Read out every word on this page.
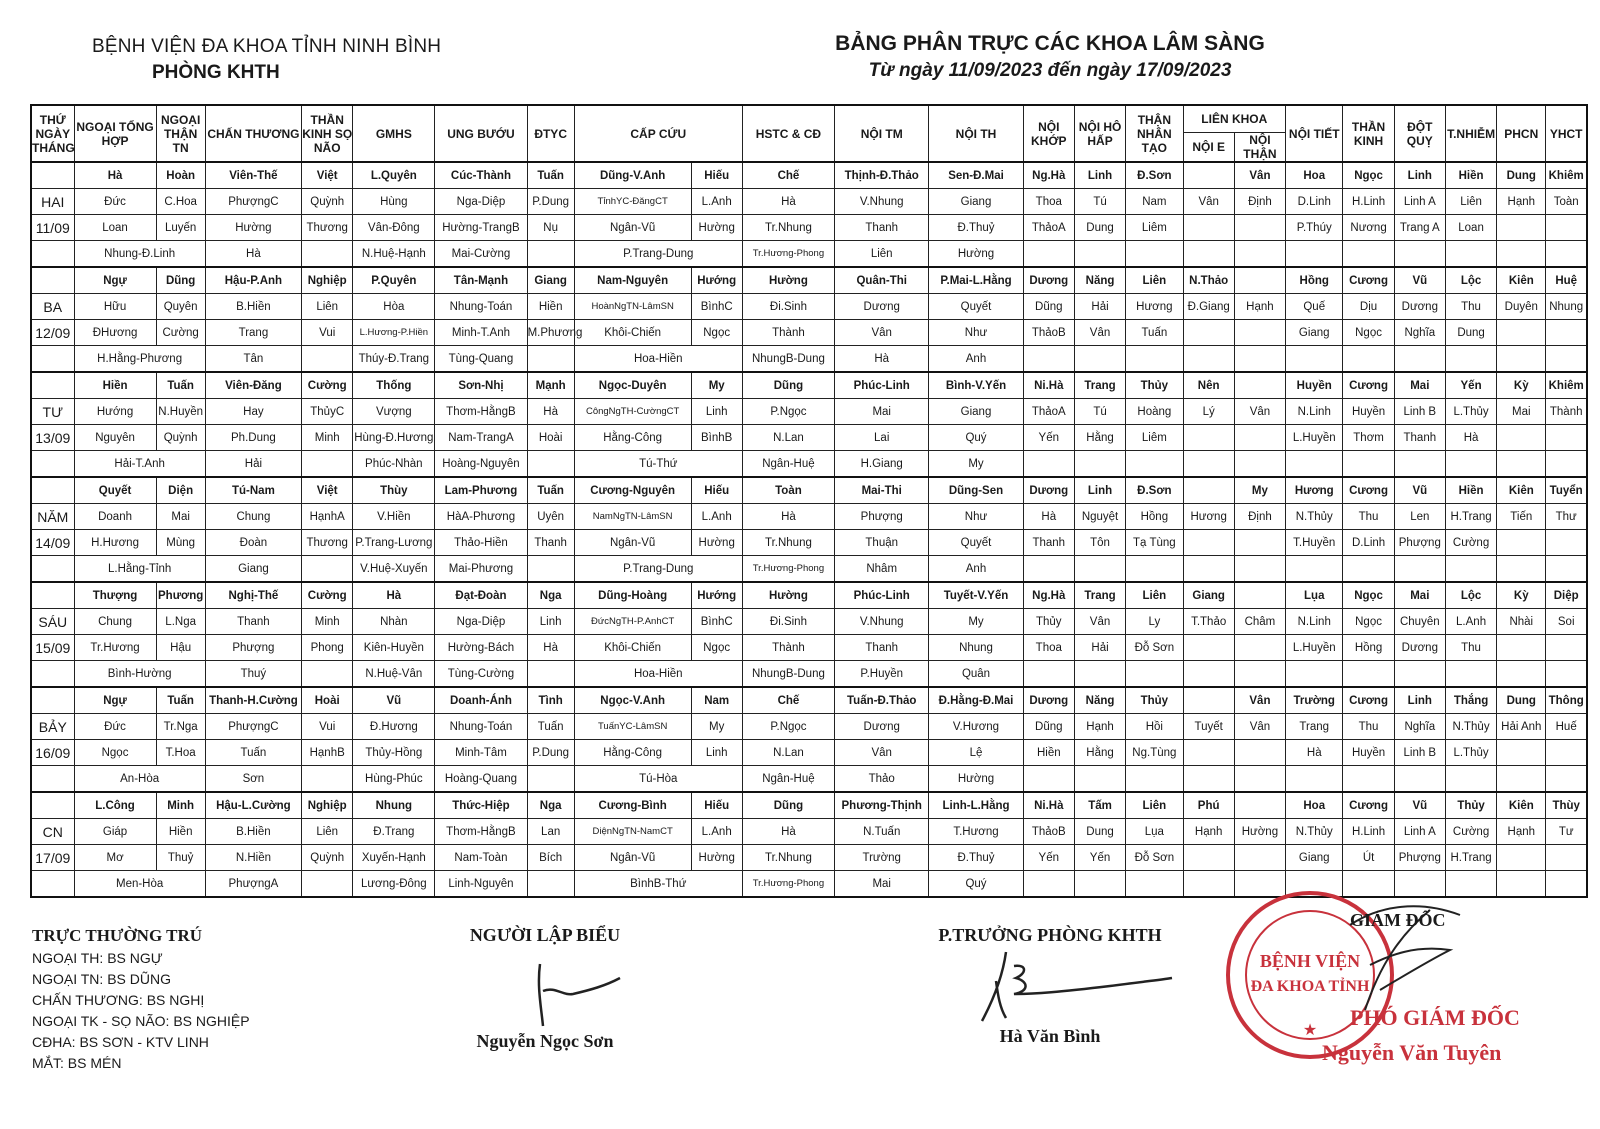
BỆNH VIỆN ĐA KHOA TỈNH NINH BÌNH
PHÒNG KHTH
BẢNG PHÂN TRỰC CÁC KHOA LÂM SÀNG
Từ ngày 11/09/2023 đến ngày 17/09/2023
THỨ NGÀY THÁNG	NGOẠI TỔNG HỢP	NGOẠI THẬN TN	CHẤN THƯƠNG	THẦN KINH SỌ NÃO	GMHS	UNG BƯỚU	ĐTYC	CẤP CỨU		HSTC & CĐ	NỘI TM	NỘI TH	NỘI KHỚP	NỘI HÔ HẤP	THẬN NHÂN TẠO	LIÊN KHOA		NỘI TIẾT	THẦN KINH	ĐỘT QUỴ	T.NHIỄM	PHCN	YHCT
																NỘI E	NỘI THẬN						
	Hà	Hoàn	Viên-Thế	Việt	L.Quyên	Cúc-Thành	Tuấn	Dũng-V.Anh	Hiếu	Chế	Thịnh-Đ.Thảo	Sen-Đ.Mai	Ng.Hà	Linh	Đ.Sơn		Vân	Hoa	Ngọc	Linh	Hiền	Dung	Khiêm
HAI	Đức	C.Hoa	PhượngC	Quỳnh	Hùng	Nga-Diệp	P.Dung	TỉnhYC-ĐăngCT	L.Anh	Hà	V.Nhung	Giang	Thoa	Tú	Nam	Vân	Định	D.Linh	H.Linh	Linh A	Liên	Hạnh	Toàn
11/09	Loan	Luyến	Hường	Thương	Vân-Đông	Hường-TrangB	Nụ	Ngân-Vũ	Hường	Tr.Nhung	Thanh	Đ.Thuỷ	ThảoA	Dung	Liêm			P.Thúy	Nương	Trang A	Loan		
	Nhung-Đ.Linh		Hà		N.Huệ-Hạnh	Mai-Cường		P.Trang-Dung		Tr.Hương-Phong	Liên	Hường											
	Ngự	Dũng	Hậu-P.Anh	Nghiệp	P.Quyên	Tân-Mạnh	Giang	Nam-Nguyên	Hướng	Hường	Quân-Thi	P.Mai-L.Hằng	Dương	Năng	Liên	N.Thảo		Hồng	Cương	Vũ	Lộc	Kiên	Huệ
BA	Hữu	Quyên	B.Hiền	Liên	Hòa	Nhung-Toán	Hiền	HoànNgTN-LâmSN	BìnhC	Đi.Sinh	Dương	Quyết	Dũng	Hải	Hương	Đ.Giang	Hạnh	Quế	Dịu	Dương	Thu	Duyên	Nhung
12/09	ĐHương	Cường	Trang	Vui	L.Hương-P.Hiền	Minh-T.Anh	M.Phương	Khôi-Chiến	Ngọc	Thành	Vân	Như	ThảoB	Vân	Tuấn			Giang	Ngọc	Nghĩa	Dung		
	H.Hằng-Phương		Tân		Thúy-Đ.Trang	Tùng-Quang		Hoa-Hiền		NhungB-Dung	Hà	Anh											
	Hiền	Tuấn	Viên-Đăng	Cường	Thống	Sơn-Nhị	Mạnh	Ngọc-Duyên	My	Dũng	Phúc-Linh	Bình-V.Yến	Ni.Hà	Trang	Thủy	Nên		Huyền	Cương	Mai	Yến	Kỳ	Khiêm
TƯ	Hướng	N.Huyền	Hay	ThủyC	Vượng	Thơm-HằngB	Hà	CôngNgTH-CườngCT	Linh	P.Ngọc	Mai	Giang	ThảoA	Tú	Hoàng	Lý	Vân	N.Linh	Huyền	Linh B	L.Thủy	Mai	Thành
13/09	Nguyên	Quỳnh	Ph.Dung	Minh	Hùng-Đ.Hương	Nam-TrangA	Hoài	Hằng-Công	BìnhB	N.Lan	Lai	Quý	Yến	Hằng	Liêm			L.Huyền	Thơm	Thanh	Hà		
	Hải-T.Anh		Hải		Phúc-Nhàn	Hoàng-Nguyên		Tú-Thứ		Ngân-Huệ	H.Giang	My											
	Quyết	Diện	Tú-Nam	Việt	Thùy	Lam-Phương	Tuấn	Cương-Nguyên	Hiếu	Toàn	Mai-Thi	Dũng-Sen	Dương	Linh	Đ.Sơn		My	Hương	Cương	Vũ	Hiền	Kiên	Tuyển
NĂM	Doanh	Mai	Chung	HạnhA	V.Hiền	HàA-Phương	Uyên	NamNgTN-LâmSN	L.Anh	Hà	Phượng	Như	Hà	Nguyệt	Hồng	Hương	Định	N.Thủy	Thu	Len	H.Trang	Tiến	Thư
14/09	H.Hương	Mùng	Đoàn	Thương	P.Trang-Lương	Thảo-Hiền	Thanh	Ngân-Vũ	Hường	Tr.Nhung	Thuận	Quyết	Thanh	Tôn	Tạ Tùng			T.Huyền	D.Linh	Phượng	Cường		
	L.Hằng-Tỉnh		Giang		V.Huệ-Xuyến	Mai-Phương		P.Trang-Dung		Tr.Hương-Phong	Nhâm	Anh											
	Thượng	Phương	Nghị-Thế	Cường	Hà	Đạt-Đoàn	Nga	Dũng-Hoàng	Hướng	Hường	Phúc-Linh	Tuyết-V.Yến	Ng.Hà	Trang	Liên	Giang		Lụa	Ngọc	Mai	Lộc	Kỳ	Diệp
SÁU	Chung	L.Nga	Thanh	Minh	Nhàn	Nga-Diệp	Linh	ĐứcNgTH-P.AnhCT	BìnhC	Đi.Sinh	V.Nhung	My	Thủy	Vân	Ly	T.Thảo	Châm	N.Linh	Ngọc	Chuyên	L.Anh	Nhài	Soi
15/09	Tr.Hương	Hậu	Phượng	Phong	Kiên-Huyền	Hường-Bách	Hà	Khôi-Chiến	Ngọc	Thành	Thanh	Nhung	Thoa	Hải	Đỗ Sơn			L.Huyền	Hồng	Dương	Thu		
	Bình-Hường		Thuý		N.Huệ-Vân	Tùng-Cường		Hoa-Hiền		NhungB-Dung	P.Huyền	Quân											
	Ngự	Tuấn	Thanh-H.Cường	Hoài	Vũ	Doanh-Ánh	Tình	Ngọc-V.Anh	Nam	Chế	Tuấn-Đ.Thảo	Đ.Hằng-Đ.Mai	Dương	Năng	Thủy		Vân	Trường	Cương	Linh	Thắng	Dung	Thông
BẢY	Đức	Tr.Nga	PhượngC	Vui	Đ.Hương	Nhung-Toán	Tuấn	TuấnYC-LâmSN	My	P.Ngọc	Dương	V.Hương	Dũng	Hạnh	Hồi	Tuyết	Vân	Trang	Thu	Nghĩa	N.Thủy	Hải Anh	Huế
16/09	Ngọc	T.Hoa	Tuấn	HạnhB	Thủy-Hồng	Minh-Tâm	P.Dung	Hằng-Công	Linh	N.Lan	Vân	Lệ	Hiền	Hằng	Ng.Tùng			Hà	Huyền	Linh B	L.Thủy		
	An-Hòa		Sơn		Hùng-Phúc	Hoàng-Quang		Tú-Hòa		Ngân-Huệ	Thảo	Hường											
	L.Công	Minh	Hậu-L.Cường	Nghiệp	Nhung	Thức-Hiệp	Nga	Cương-Bình	Hiếu	Dũng	Phương-Thịnh	Linh-L.Hằng	Ni.Hà	Tấm	Liên	Phú		Hoa	Cương	Vũ	Thủy	Kiên	Thùy
CN	Giáp	Hiền	B.Hiền	Liên	Đ.Trang	Thơm-HằngB	Lan	DiệnNgTN-NamCT	L.Anh	Hà	N.Tuấn	T.Hương	ThảoB	Dung	Lụa	Hạnh	Hường	N.Thủy	H.Linh	Linh A	Cường	Hạnh	Tư
17/09	Mơ	Thuỷ	N.Hiền	Quỳnh	Xuyến-Hạnh	Nam-Toàn	Bích	Ngân-Vũ	Hường	Tr.Nhung	Trường	Đ.Thuỷ	Yến	Yến	Đỗ Sơn			Giang	Út	Phượng	H.Trang		
	Men-Hòa		PhượngA		Lương-Đông	Linh-Nguyên		BìnhB-Thứ		Tr.Hương-Phong	Mai	Quý											
TRỰC THƯỜNG TRÚ
NGOẠI TH: BS NGỰ
NGOẠI TN: BS DŨNG
CHẤN THƯƠNG: BS NGHỊ
NGOẠI TK - SỌ NÃO: BS NGHIỆP
CĐHA: BS SƠN - KTV LINH
MẮT: BS MÉN
NGƯỜI LẬP BIỂU
Nguyễn Ngọc Sơn
P.TRƯỞNG PHÒNG KHTH
Hà Văn Bình
BỆNH VIỆN
ĐA KHOA TỈNH
★
GIÁM ĐỐC
PHÓ GIÁM ĐỐC
Nguyễn Văn Tuyên
